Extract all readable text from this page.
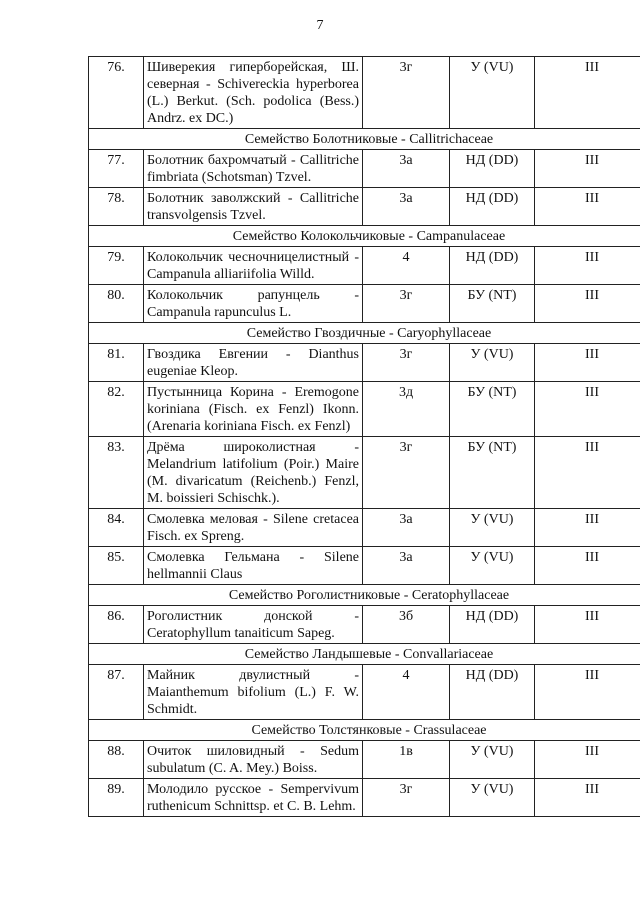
7
76.	Шиверекия гиперборейская, Ш. северная - Schivereckia hyperborea (L.) Berkut. (Sch. podolica (Bess.) Andrz. ex DC.)	3г	У (VU)	III
Семейство Болотниковые - Callitrichaceae				
77.	Болотник бахромчатый - Callitriche fimbriata (Schotsman) Tzvel.	3а	НД (DD)	III
78.	Болотник заволжский - Callitriche transvolgensis Tzvel.	3а	НД (DD)	III
Семейство Колокольчиковые - Campanulaceae				
79.	Колокольчик чесночницелистный - Campanula alliariifolia Willd.	4	НД (DD)	III
80.	Колокольчик рапунцель - Campanula rapunculus L.	3г	БУ (NT)	III
Семейство Гвоздичные - Caryophyllaceae				
81.	Гвоздика Евгении - Dianthus eugeniae Kleop.	3г	У (VU)	III
82.	Пустынница Корина - Eremogone koriniana (Fisch. ex Fenzl) Ikonn. (Arenaria koriniana Fisch. ex Fenzl)	3д	БУ (NT)	III
83.	Дрёма широколистная - Melandrium latifolium (Poir.) Maire (M. divaricatum (Reichenb.) Fenzl, M. boissieri Schischk.).	3г	БУ (NT)	III
84.	Смолевка меловая - Silene cretacea Fisch. ex Spreng.	3а	У (VU)	III
85.	Смолевка Гельмана - Silene hellmannii Claus	3а	У (VU)	III
Семейство Роголистниковые - Ceratophyllaceae				
86.	Роголистник донской - Ceratophyllum tanaiticum Sapeg.	3б	НД (DD)	III
Семейство Ландышевые - Convallariaceae				
87.	Майник двулистный - Maianthemum bifolium (L.) F. W. Schmidt.	4	НД (DD)	III
Семейство Толстянковые - Crassulaceae				
88.	Очиток шиловидный - Sedum subulatum (C. A. Mey.) Boiss.	1в	У (VU)	III
89.	Молодило русское - Sempervivum ruthenicum Schnittsp. et C. B. Lehm.	3г	У (VU)	III
